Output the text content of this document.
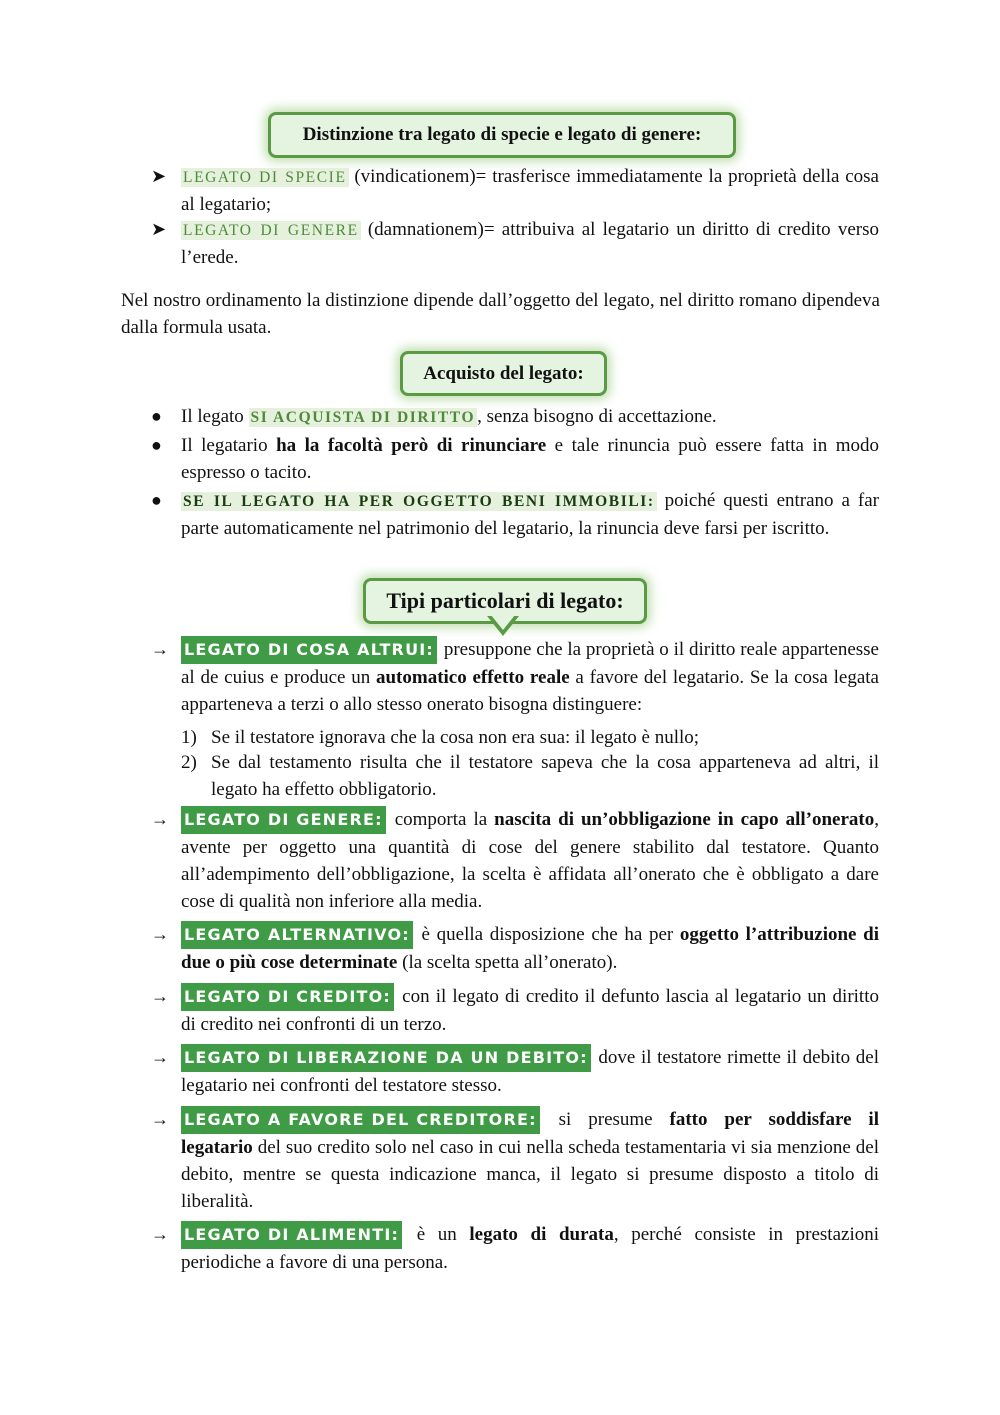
Distinzione tra legato di specie e legato di genere:
➤ LEGATO DI SPECIE (vindicationem)= trasferisce immediatamente la proprietà della cosa al legatario;
➤ LEGATO DI GENERE (damnationem)= attribuiva al legatario un diritto di credito verso l’erede.
Nel nostro ordinamento la distinzione dipende dall’oggetto del legato, nel diritto romano dipendeva dalla formula usata.
Acquisto del legato:
● Il legato SI ACQUISTA DI DIRITTO , senza bisogno di accettazione.
● Il legatario ha la facoltà però di rinunciare e tale rinuncia può essere fatta in modo espresso o tacito.
● SE IL LEGATO HA PER OGGETTO BENI IMMOBILI: poiché questi entrano a far parte automaticamente nel patrimonio del legatario, la rinuncia deve farsi per iscritto.
Tipi particolari di legato:
→ LEGATO DI COSA ALTRUI: presuppone che la proprietà o il diritto reale appartenesse al de cuius e produce un automatico effetto reale a favore del legatario. Se la cosa legata apparteneva a terzi o allo stesso onerato bisogna distinguere:
1) Se il testatore ignorava che la cosa non era sua: il legato è nullo;
2) Se dal testamento risulta che il testatore sapeva che la cosa apparteneva ad altri, il legato ha effetto obbligatorio.
→ LEGATO DI GENERE: comporta la nascita di un’obbligazione in capo all’onerato, avente per oggetto una quantità di cose del genere stabilito dal testatore. Quanto all’adempimento dell’obbligazione, la scelta è affidata all’onerato che è obbligato a dare cose di qualità non inferiore alla media.
→ LEGATO ALTERNATIVO: è quella disposizione che ha per oggetto l’attribuzione di due o più cose determinate (la scelta spetta all’onerato).
→ LEGATO DI CREDITO: con il legato di credito il defunto lascia al legatario un diritto di credito nei confronti di un terzo.
→ LEGATO DI LIBERAZIONE DA UN DEBITO: dove il testatore rimette il debito del legatario nei confronti del testatore stesso.
→ LEGATO A FAVORE DEL CREDITORE: si presume fatto per soddisfare il legatario del suo credito solo nel caso in cui nella scheda testamentaria vi sia menzione del debito, mentre se questa indicazione manca, il legato si presume disposto a titolo di liberalità.
→ LEGATO DI ALIMENTI: è un legato di durata, perché consiste in prestazioni periodiche a favore di una persona.
